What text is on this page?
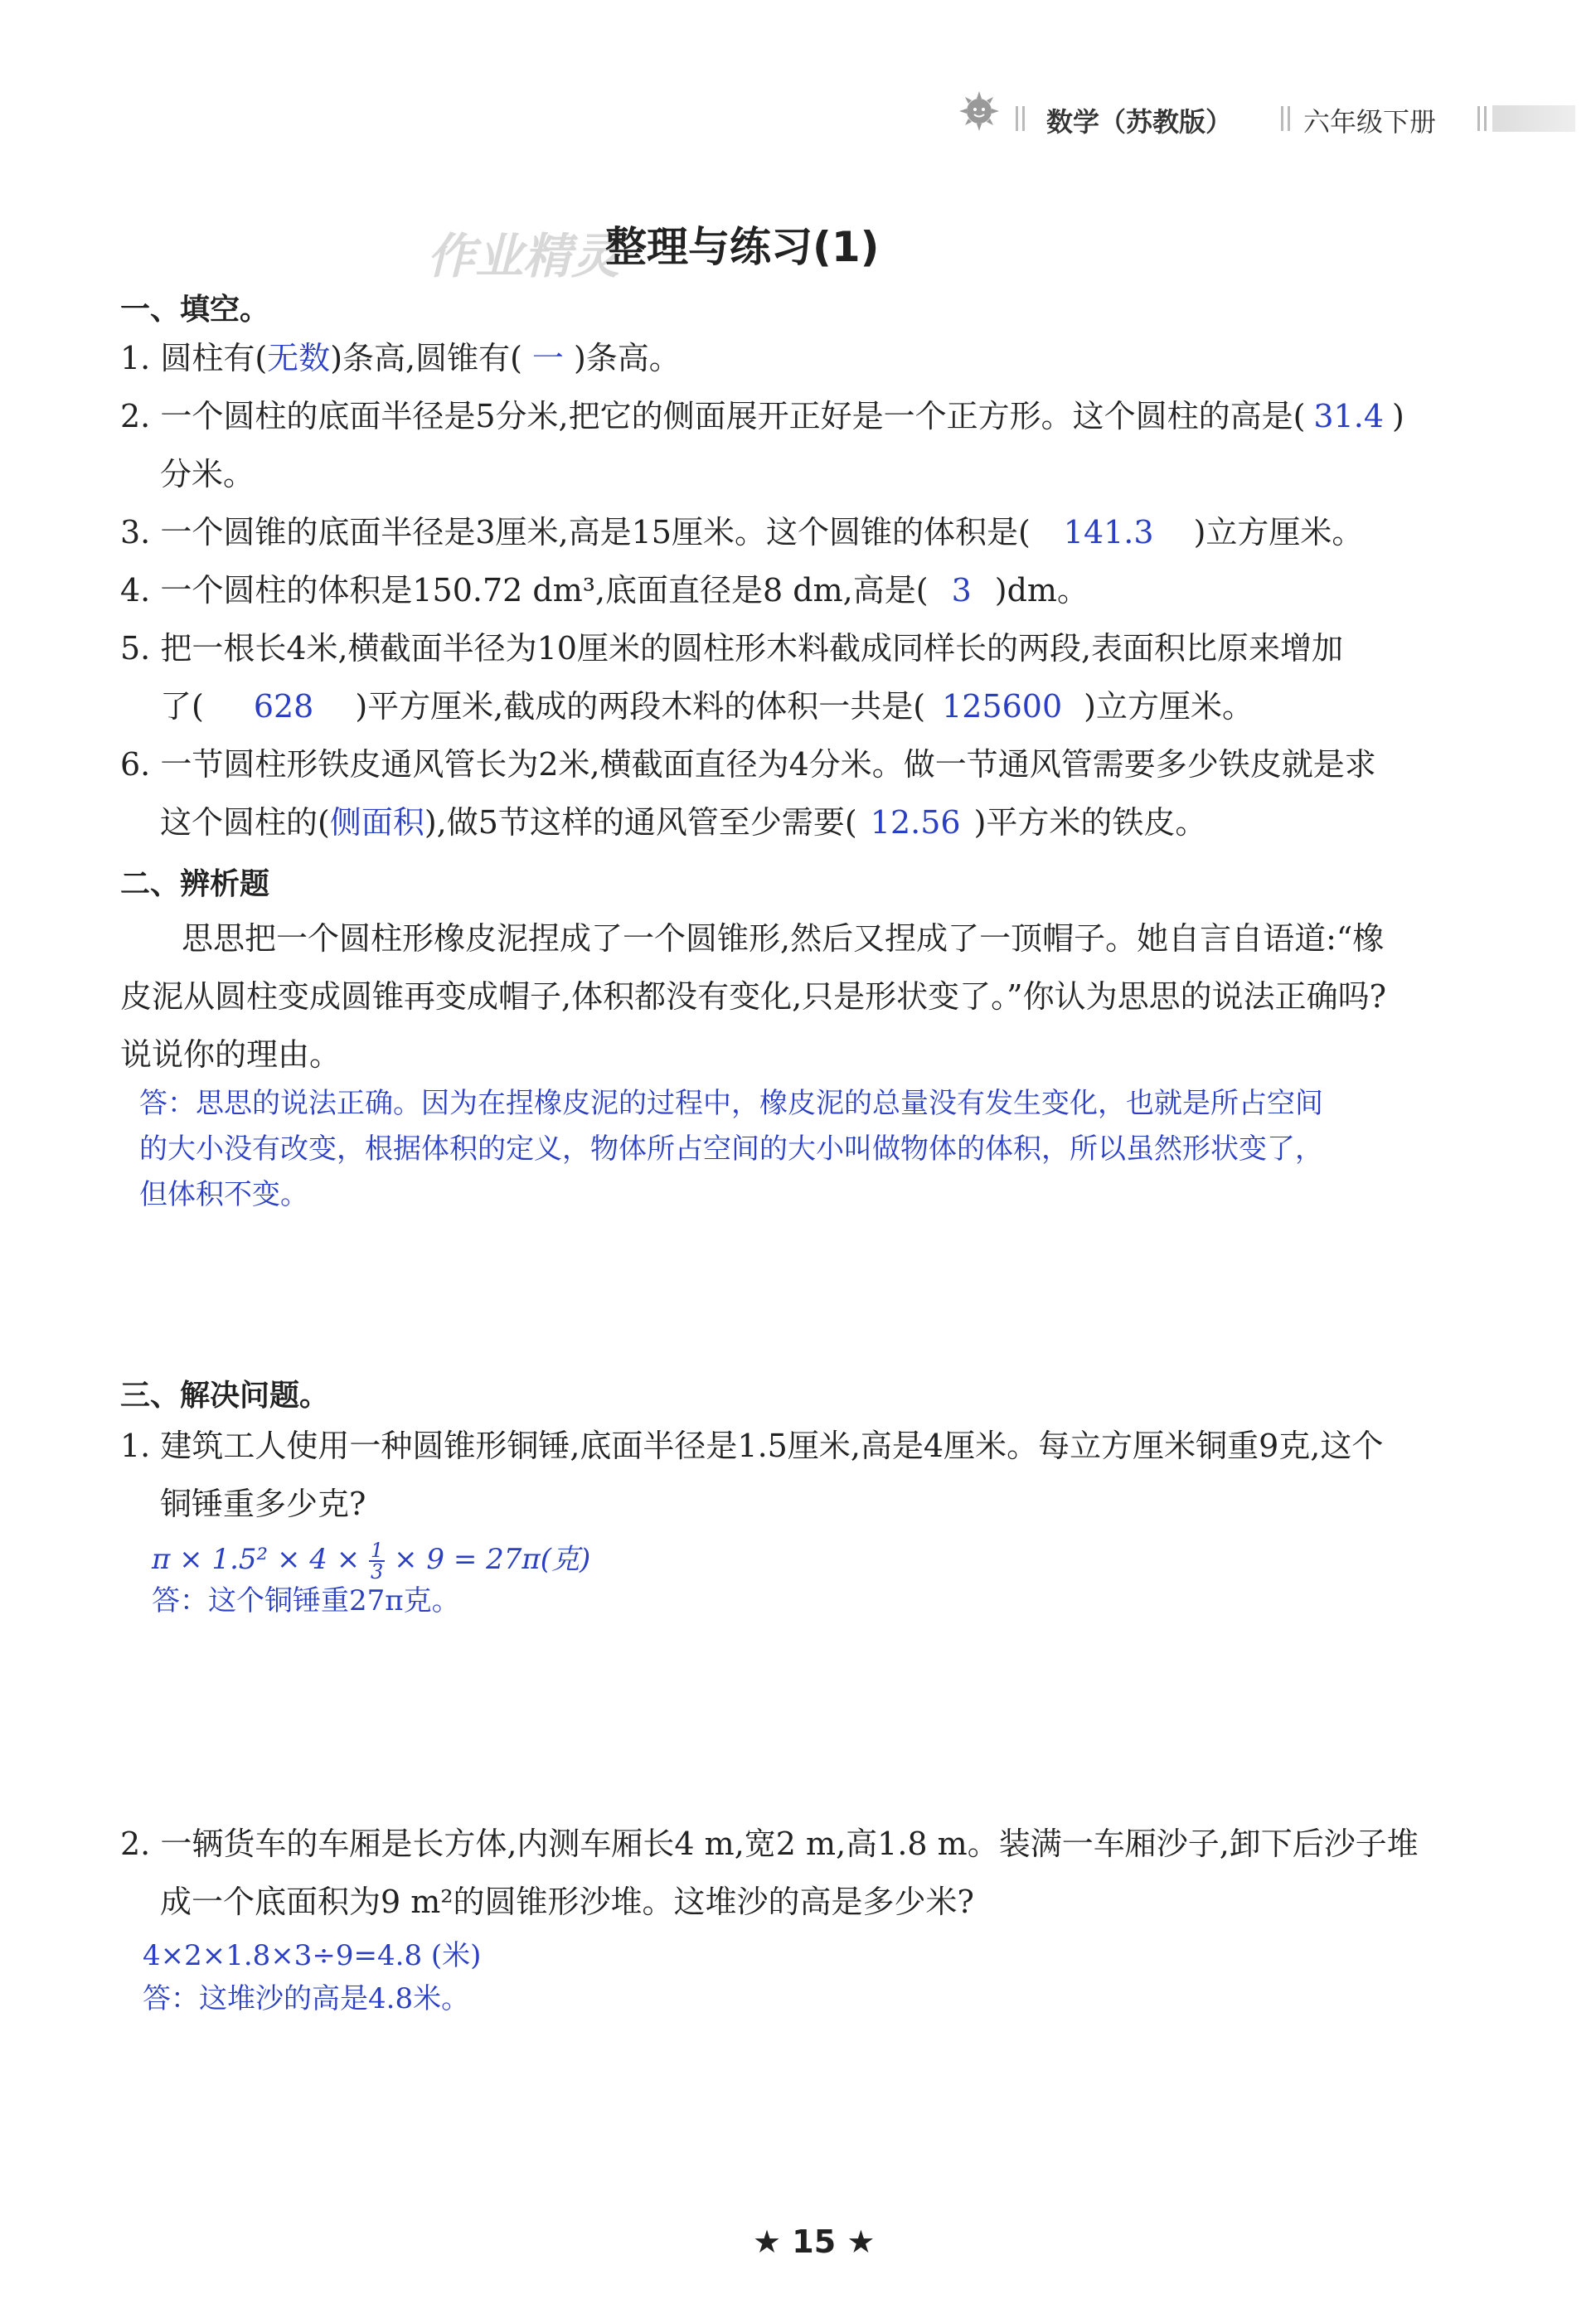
数学（苏教版）	六年级下册
作业精灵
整理与练习(1)
一、填空。
1. 圆柱有(无数)条高,圆锥有( 一 )条高。
2. 一个圆柱的底面半径是5分米,把它的侧面展开正好是一个正方形。这个圆柱的高是( 31.4 )
分米。
3. 一个圆锥的底面半径是3厘米,高是15厘米。这个圆锥的体积是( 141.3 )立方厘米。
4. 一个圆柱的体积是150.72 dm³,底面直径是8 dm,高是( 3 )dm。
5. 把一根长4米,横截面半径为10厘米的圆柱形木料截成同样长的两段,表面积比原来增加
了( 628 )平方厘米,截成的两段木料的体积一共是( 125600 )立方厘米。
6. 一节圆柱形铁皮通风管长为2米,横截面直径为4分米。做一节通风管需要多少铁皮就是求
这个圆柱的(侧面积),做5节这样的通风管至少需要( 12.56 )平方米的铁皮。
二、辨析题
思思把一个圆柱形橡皮泥捏成了一个圆锥形,然后又捏成了一顶帽子。她自言自语道:“橡
皮泥从圆柱变成圆锥再变成帽子,体积都没有变化,只是形状变了。”你认为思思的说法正确吗?
说说你的理由。
答：思思的说法正确。因为在捏橡皮泥的过程中，橡皮泥的总量没有发生变化，也就是所占空间
的大小没有改变，根据体积的定义，物体所占空间的大小叫做物体的体积，所以虽然形状变了，
但体积不变。
三、解决问题。
1. 建筑工人使用一种圆锥形铜锤,底面半径是1.5厘米,高是4厘米。每立方厘米铜重9克,这个
铜锤重多少克?
$\pi \times 1.5^2 \times 4 \times \frac{1}{3} \times 9 = 27\pi$(克)
答：这个铜锤重27π克。
2. 一辆货车的车厢是长方体,内测车厢长4 m,宽2 m,高1.8 m。装满一车厢沙子,卸下后沙子堆
成一个底面积为9 m²的圆锥形沙堆。这堆沙的高是多少米?
4×2×1.8×3÷9=4.8 (米)
答：这堆沙的高是4.8米。
★ 15 ★
